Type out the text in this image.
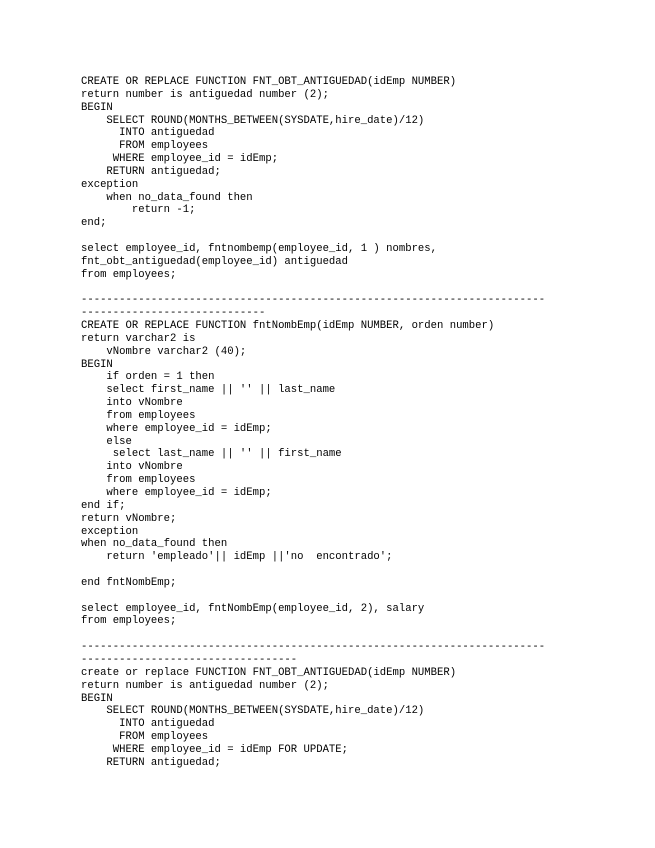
CREATE OR REPLACE FUNCTION FNT_OBT_ANTIGUEDAD(idEmp NUMBER)
return number is antiguedad number (2);
BEGIN
SELECT ROUND(MONTHS_BETWEEN(SYSDATE,hire_date)/12)
INTO antiguedad
FROM employees
WHERE employee_id = idEmp;
RETURN antiguedad;
exception
when no_data_found then
return -1;
end;
select employee_id, fntnombemp(employee_id, 1 ) nombres,
fnt_obt_antiguedad(employee_id) antiguedad
from employees;
-------------------------------------------------------------------------
-----------------------------
CREATE OR REPLACE FUNCTION fntNombEmp(idEmp NUMBER, orden number)
return varchar2 is
vNombre varchar2 (40);
BEGIN
if orden = 1 then
select first_name || '' || last_name
into vNombre
from employees
where employee_id = idEmp;
else
select last_name || '' || first_name
into vNombre
from employees
where employee_id = idEmp;
end if;
return vNombre;
exception
when no_data_found then
return 'empleado'|| idEmp ||'no  encontrado';
end fntNombEmp;
select employee_id, fntNombEmp(employee_id, 2), salary
from employees;
-------------------------------------------------------------------------
----------------------------------
create or replace FUNCTION FNT_OBT_ANTIGUEDAD(idEmp NUMBER)
return number is antiguedad number (2);
BEGIN
SELECT ROUND(MONTHS_BETWEEN(SYSDATE,hire_date)/12)
INTO antiguedad
FROM employees
WHERE employee_id = idEmp FOR UPDATE;
RETURN antiguedad;
